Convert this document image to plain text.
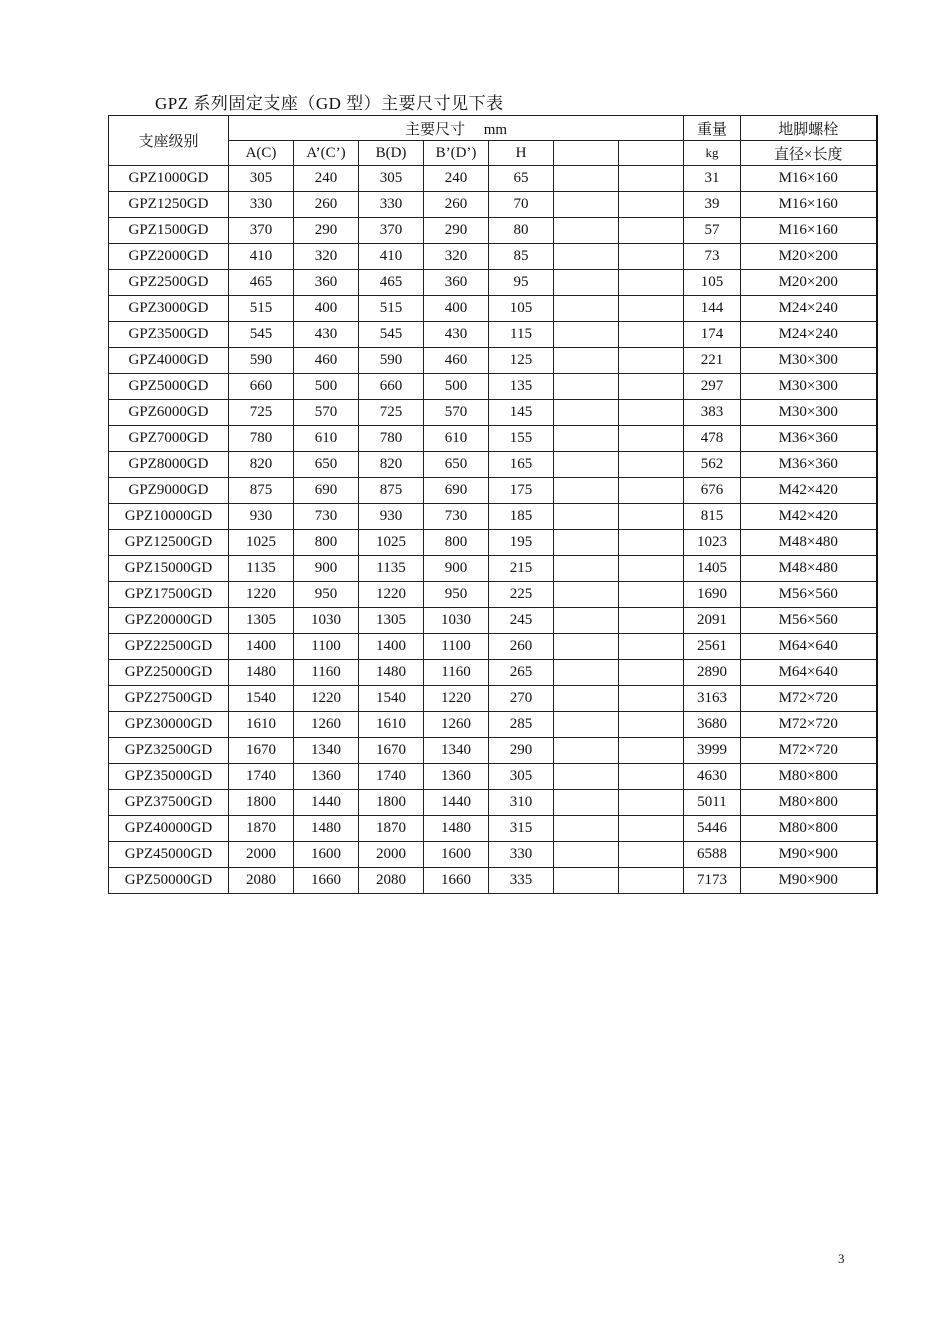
GPZ 系列固定支座（GD 型）主要尺寸见下表
支座级别	主要尺寸　 mm							重量	地脚螺栓
	A(C)	A’(C’)	B(D)	B’(D’)	H			kg	直径×长度
GPZ1000GD	305	240	305	240	65			31	M16×160
GPZ1250GD	330	260	330	260	70			39	M16×160
GPZ1500GD	370	290	370	290	80			57	M16×160
GPZ2000GD	410	320	410	320	85			73	M20×200
GPZ2500GD	465	360	465	360	95			105	M20×200
GPZ3000GD	515	400	515	400	105			144	M24×240
GPZ3500GD	545	430	545	430	115			174	M24×240
GPZ4000GD	590	460	590	460	125			221	M30×300
GPZ5000GD	660	500	660	500	135			297	M30×300
GPZ6000GD	725	570	725	570	145			383	M30×300
GPZ7000GD	780	610	780	610	155			478	M36×360
GPZ8000GD	820	650	820	650	165			562	M36×360
GPZ9000GD	875	690	875	690	175			676	M42×420
GPZ10000GD	930	730	930	730	185			815	M42×420
GPZ12500GD	1025	800	1025	800	195			1023	M48×480
GPZ15000GD	1135	900	1135	900	215			1405	M48×480
GPZ17500GD	1220	950	1220	950	225			1690	M56×560
GPZ20000GD	1305	1030	1305	1030	245			2091	M56×560
GPZ22500GD	1400	1100	1400	1100	260			2561	M64×640
GPZ25000GD	1480	1160	1480	1160	265			2890	M64×640
GPZ27500GD	1540	1220	1540	1220	270			3163	M72×720
GPZ30000GD	1610	1260	1610	1260	285			3680	M72×720
GPZ32500GD	1670	1340	1670	1340	290			3999	M72×720
GPZ35000GD	1740	1360	1740	1360	305			4630	M80×800
GPZ37500GD	1800	1440	1800	1440	310			5011	M80×800
GPZ40000GD	1870	1480	1870	1480	315			5446	M80×800
GPZ45000GD	2000	1600	2000	1600	330			6588	M90×900
GPZ50000GD	2080	1660	2080	1660	335			7173	M90×900
3
